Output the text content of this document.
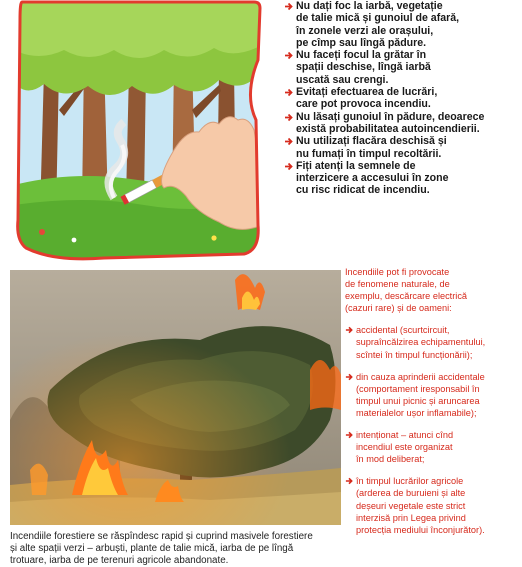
Nu dați foc la iarbă, vegetație
de talie mică și gunoiul de afară,
în zonele verzi ale orașului,
pe cîmp sau lîngă pădure.
Nu faceți focul la grătar în
spații deschise, lîngă iarbă
uscată sau crengi.
Evitați efectuarea de lucrări,
care pot provoca incendiu.
Nu lăsați gunoiul în pădure, deoarece
există probabilitatea autoincendierii.
Nu utilizați flacăra deschisă și
nu fumați în timpul recoltării.
Fiți atenți la semnele de
interzicere a accesului în zone
cu risc ridicat de incendiu.
Incendiile forestiere se răspîndesc rapid și cuprind masivele forestiere
și alte spații verzi – arbuști, plante de talie mică, iarba de pe lîngă
trotuare, iarba de pe terenuri agricole abandonate.

Incendiile pot fi provocate
de fenomene naturale, de
exemplu, descărcare electrică
(cazuri rare) și de oameni:

accidental (scurtcircuit,
supraîncălzirea echipamentului,
scîntei în timpul funcționării);
din cauza aprinderii accidentale
(comportament iresponsabil în
timpul unui picnic și aruncarea
materialelor ușor inflamabile);
intenționat – atunci cînd
incendiul este organizat
în mod deliberat;
în timpul lucrărilor agricole
(arderea de buruieni și alte
deșeuri vegetale este strict
interzisă prin Legea privind
protecția mediului înconjurător).
